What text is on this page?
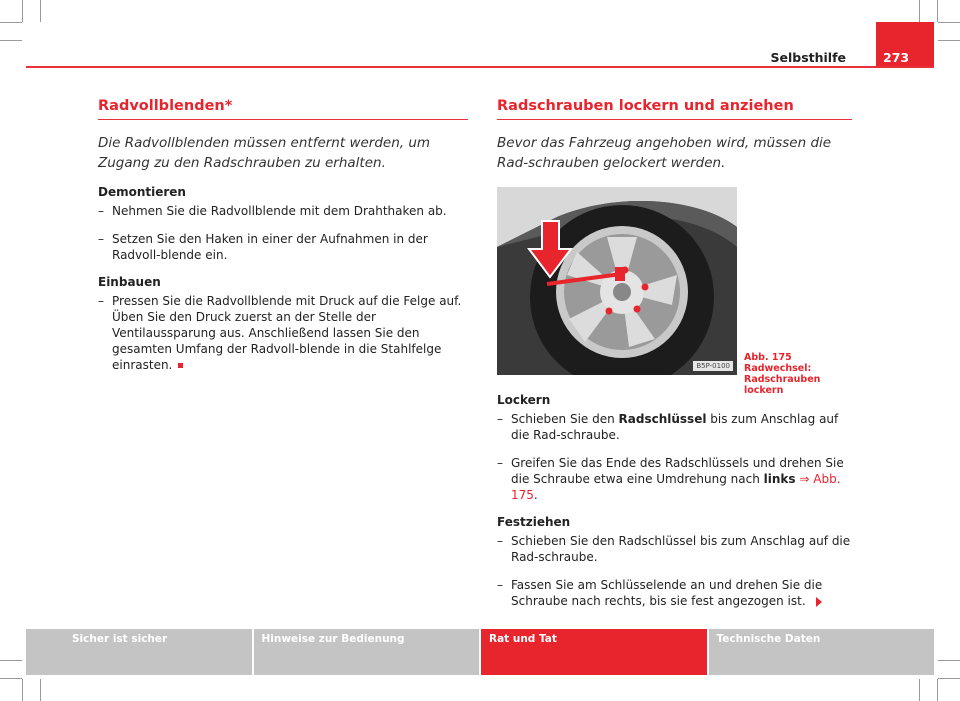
273
Selbsthilfe
Radvollblenden*

Die Radvollblenden müssen entfernt werden, um Zugang zu den Radschrauben zu erhalten.

Demontieren
– Nehmen Sie die Radvollblende mit dem Drahthaken ab.
– Setzen Sie den Haken in einer der Aufnahmen in der Radvoll-blende ein.
Einbauen
– Pressen Sie die Radvollblende mit Druck auf die Felge auf. Üben Sie den Druck zuerst an der Stelle der Ventilaussparung aus. Anschließend lassen Sie den gesamten Umfang der Radvoll-blende in die Stahlfelge einrasten.
Radschrauben lockern und anziehen

Bevor das Fahrzeug angehoben wird, müssen die Rad-schrauben gelockert werden.

B5P-0100
Abb. 175 Radwechsel:
Radschrauben lockern
Lockern
– Schieben Sie den Radschlüssel bis zum Anschlag auf die Rad-schraube.
– Greifen Sie das Ende des Radschlüssels und drehen Sie die Schraube etwa eine Umdrehung nach links ⇒ Abb. 175.
Festziehen
– Schieben Sie den Radschlüssel bis zum Anschlag auf die Rad-schraube.
– Fassen Sie am Schlüsselende an und drehen Sie die Schraube nach rechts, bis sie fest angezogen ist.
Sicher ist sicher	Hinweise zur Bedienung	Rat und Tat	Technische Daten
